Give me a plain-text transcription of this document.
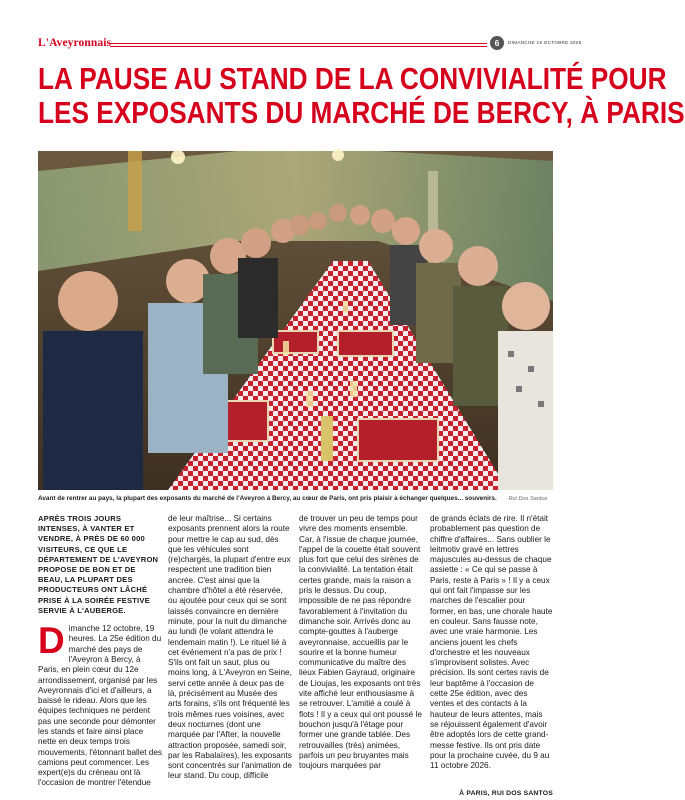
L'Aveyronnais	6	DIMANCHE 19 OCTOBRE 2025
LA PAUSE AU STAND DE LA CONVIVIALITÉ POUR
LES EXPOSANTS DU MARCHÉ DE BERCY, À PARIS
Avant de rentrer au pays, la plupart des exposants du marché de l'Aveyron à Bercy, au cœur de Paris, ont pris plaisir à échanger quelques... souvenirs. Rui Dos Santos

APRÈS TROIS JOURS INTENSES, À VANTER ET VENDRE, À PRÈS DE 60 000 VISITEURS, CE QUE LE DÉPARTEMENT DE L'AVEYRON PROPOSE DE BON ET DE BEAU, LA PLUPART DES PRODUCTEURS ONT LÂCHÉ PRISE À LA SOIRÉE FESTIVE SERVIE À L'AUBERGE.

D imanche 12 octobre, 19 heures. La 25e édition du marché des pays de l'Aveyron à Bercy, à Paris, en plein cœur du 12e arrondissement, organisé par les Aveyronnais d'ici et d'ailleurs, a baissé le rideau. Alors que les équipes techniques ne perdent pas une seconde pour démonter les stands et faire ainsi place nette en deux temps trois mouvements, l'étonnant ballet des camions peut commencer. Les expert(e)s du créneau ont là l'occasion de montrer l'étendue

de leur maîtrise... Si certains exposants prennent alors la route pour mettre le cap au sud, dès que les véhicules sont (re)chargés, la plupart d'entre eux respectent une tradition bien ancrée. C'est ainsi que la chambre d'hôtel a été réservée, ou ajoutée pour ceux qui se sont laissés convaincre en dernière minute, pour la nuit du dimanche au lundi (le volant attendra le lendemain matin !). Le rituel lié à cet événement n'a pas de prix ! S'ils ont fait un saut, plus ou moins long, à L'Aveyron en Seine, servi cette année à deux pas de là, précisément au Musée des arts forains, s'ils ont fréquenté les trois mêmes rues voisines, avec deux nocturnes (dont une marquée par l'After, la nouvelle attraction proposée, samedi soir, par les Rabalaïres), les exposants sont concentrés sur l'animation de leur stand. Du coup, difficile

de trouver un peu de temps pour vivre des moments ensemble. Car, à l'issue de chaque journée, l'appel de la couette était souvent plus fort que celui des sirènes de la convivialité. La tentation était certes grande, mais la raison a pris le dessus. Du coup, impossible de ne pas répondre favorablement à l'invitation du dimanche soir. Arrivés donc au compte-gouttes à l'auberge aveyronnaise, accueillis par le sourire et la bonne humeur communicative du maître des lieux Fabien Gayraud, originaire de Lioujas, les exposants ont très vite affiché leur enthousiasme à se retrouver. L'amitié a coulé à flots ! Il y a ceux qui ont poussé le bouchon jusqu'à l'étage pour former une grande tablée. Des retrouvailles (très) animées, parfois un peu bruyantes mais toujours marquées par

de grands éclats de rire. Il n'était probablement pas question de chiffre d'affaires... Sans oublier le leitmotiv gravé en lettres majuscules au-dessus de chaque assiette : « Ce qui se passe à Paris, reste à Paris » ! Il y a ceux qui ont fait l'impasse sur les marches de l'escalier pour former, en bas, une chorale haute en couleur. Sans fausse note, avec une vraie harmonie. Les anciens jouent les chefs d'orchestre et les nouveaux s'improvisent solistes. Avec précision. Ils sont certes ravis de leur baptême à l'occasion de cette 25e édition, avec des ventes et des contacts à la hauteur de leurs attentes, mais se réjouissent également d'avoir être adoptés lors de cette grand-messe festive. Ils ont pris date pour la prochaine cuvée, du 9 au 11 octobre 2026.

À PARIS, RUI DOS SANTOS
